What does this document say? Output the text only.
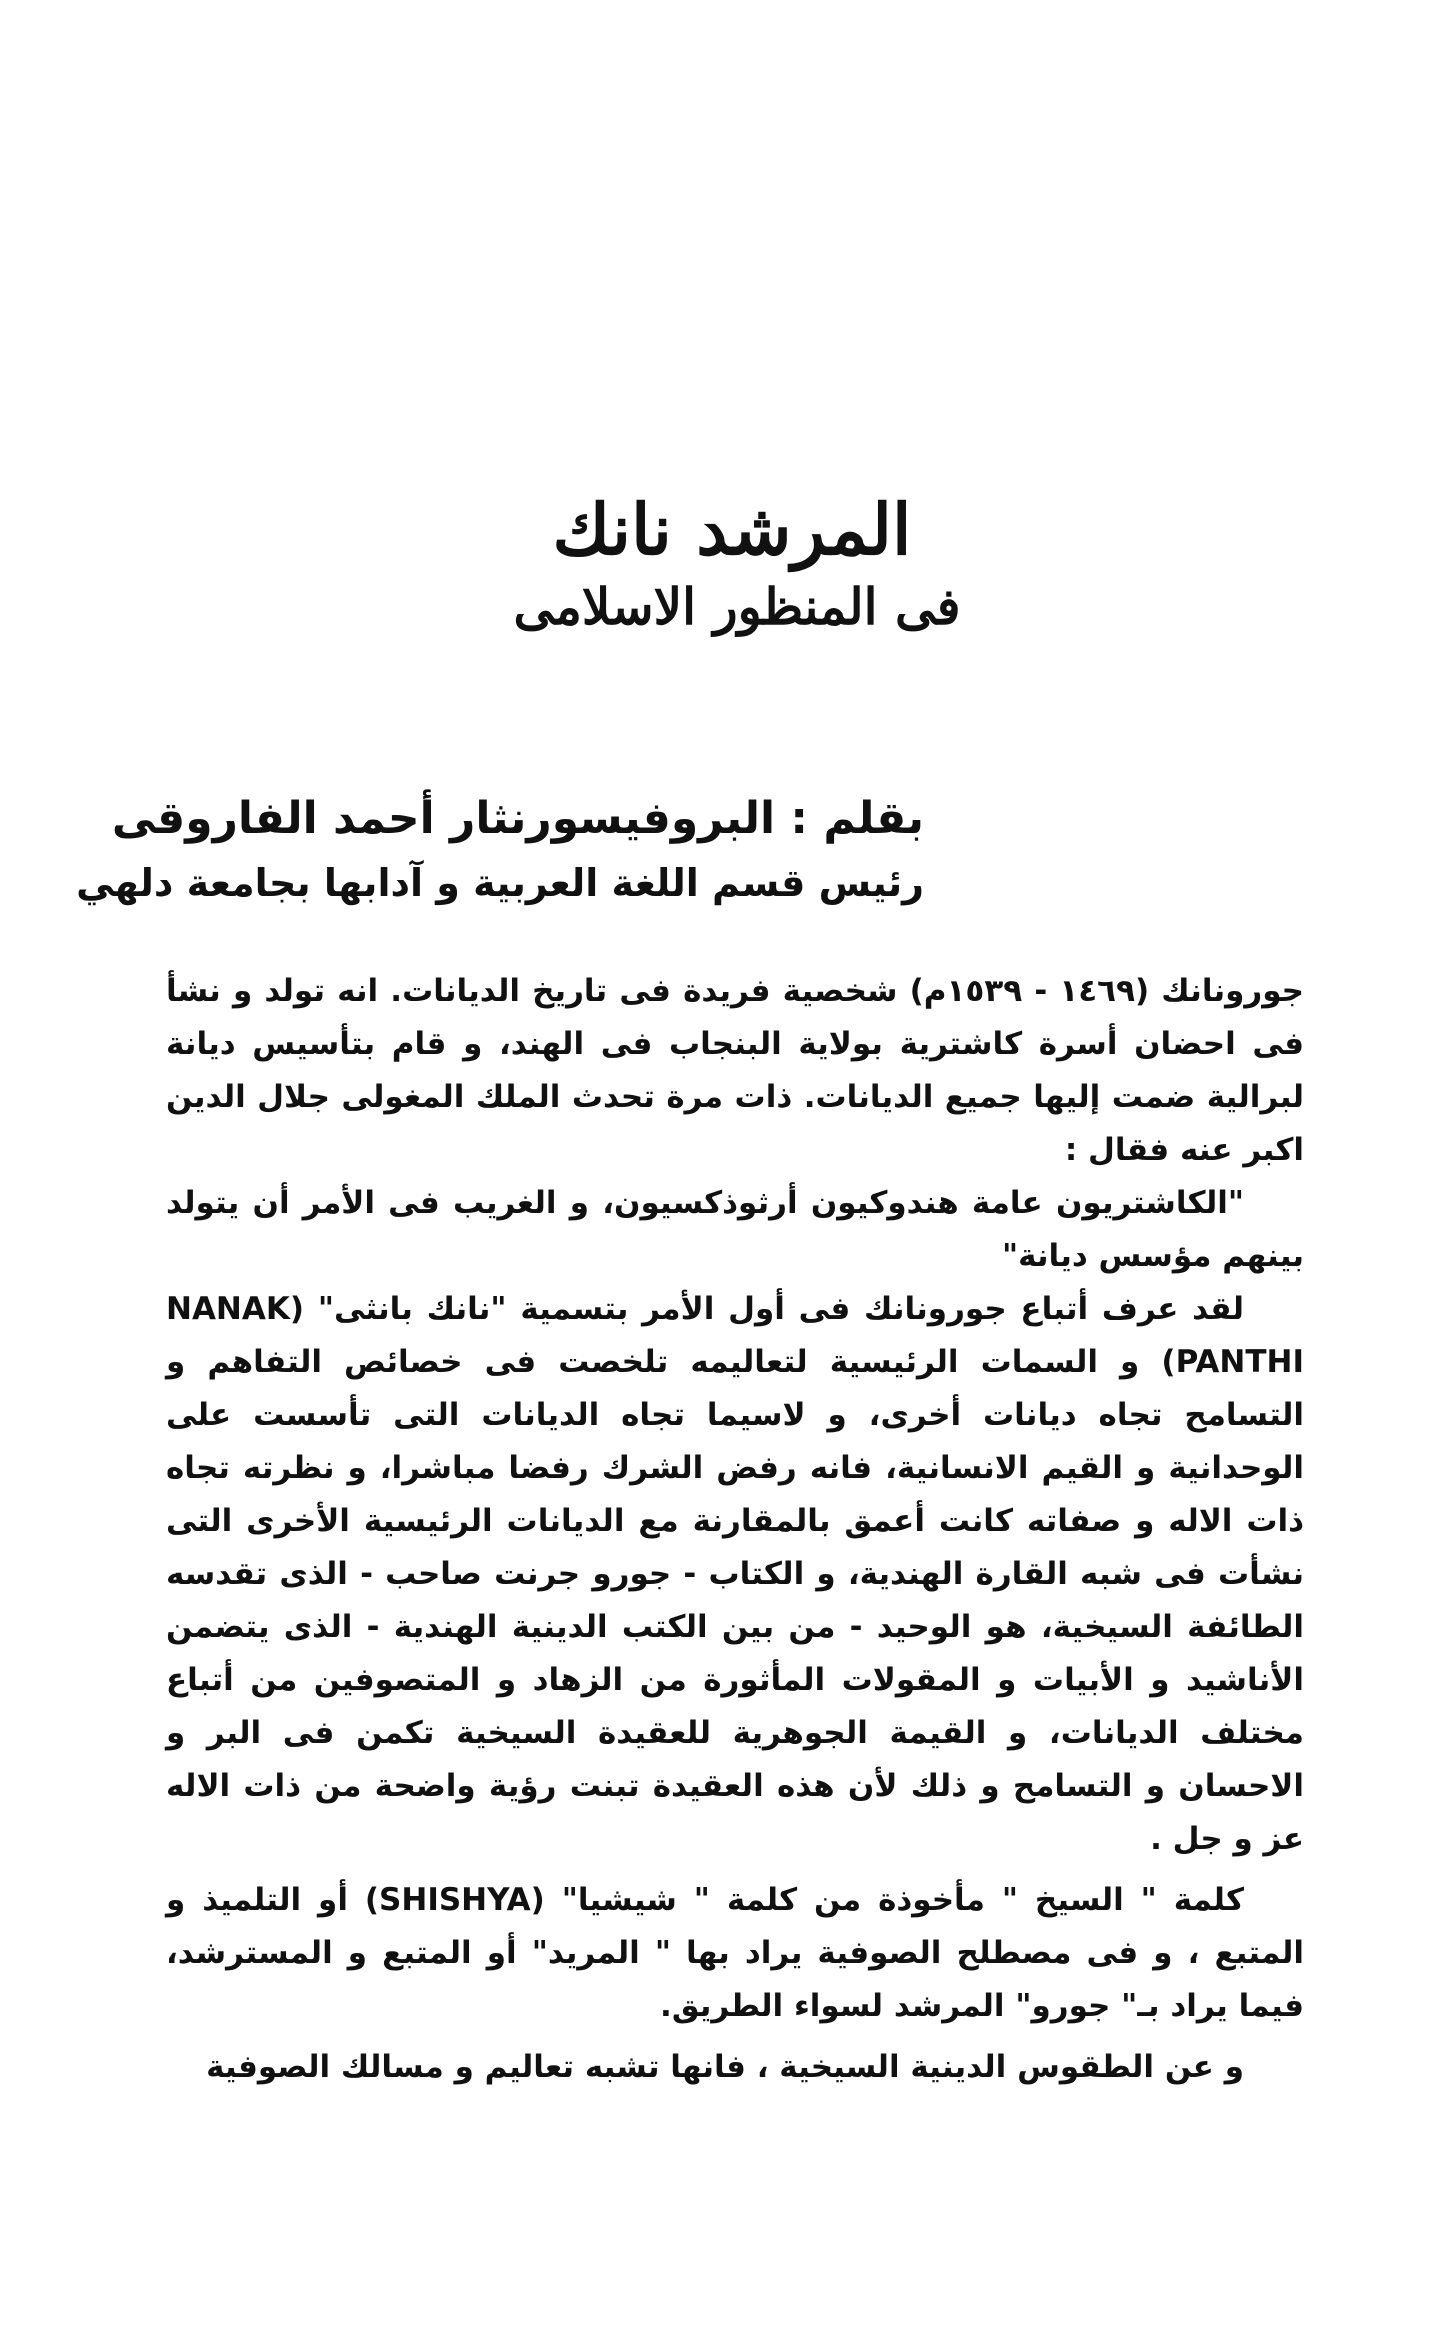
المرشد نانك
فى المنظور الاسلامى

بقلم : البروفيسورنثار أحمد الفاروقى

رئيس قسم اللغة العربية و آدابها بجامعة دلهي

جورونانك (١٤٦٩ - ١٥٣٩م) شخصية فريدة فى تاريخ الديانات. انه تولد و نشأ فى احضان أسرة كاشترية بولاية البنجاب فى الهند، و قام بتأسيس ديانة لبرالية ضمت إليها جميع الديانات. ذات مرة تحدث الملك المغولى جلال الدين اكبر عنه فقال :

"الكاشتريون عامة هندوكيون أرثوذكسيون، و الغريب فى الأمر أن يتولد بينهم مؤسس ديانة"

لقد عرف أتباع جورونانك فى أول الأمر بتسمية "نانك بانثى" (NANAK PANTHI) و السمات الرئيسية لتعاليمه تلخصت فى خصائص التفاهم و التسامح تجاه ديانات أخرى، و لاسيما تجاه الديانات التى تأسست على الوحدانية و القيم الانسانية، فانه رفض الشرك رفضا مباشرا، و نظرته تجاه ذات الاله و صفاته كانت أعمق بالمقارنة مع الديانات الرئيسية الأخرى التى نشأت فى شبه القارة الهندية، و الكتاب - جورو جرنت صاحب - الذى تقدسه الطائفة السيخية، هو الوحيد - من بين الكتب الدينية الهندية - الذى يتضمن الأناشيد و الأبيات و المقولات المأثورة من الزهاد و المتصوفين من أتباع مختلف الديانات، و القيمة الجوهرية للعقيدة السيخية تكمن فى البر و الاحسان و التسامح و ذلك لأن هذه العقيدة تبنت رؤية واضحة من ذات الاله عز و جل .

كلمة " السيخ " مأخوذة من كلمة " شيشيا" (SHISHYA) أو التلميذ و المتبع ، و فى مصطلح الصوفية يراد بها " المريد" أو المتبع و المسترشد، فيما يراد بـ" جورو" المرشد لسواء الطريق.

و عن الطقوس الدينية السيخية ، فانها تشبه تعاليم و مسالك الصوفية
